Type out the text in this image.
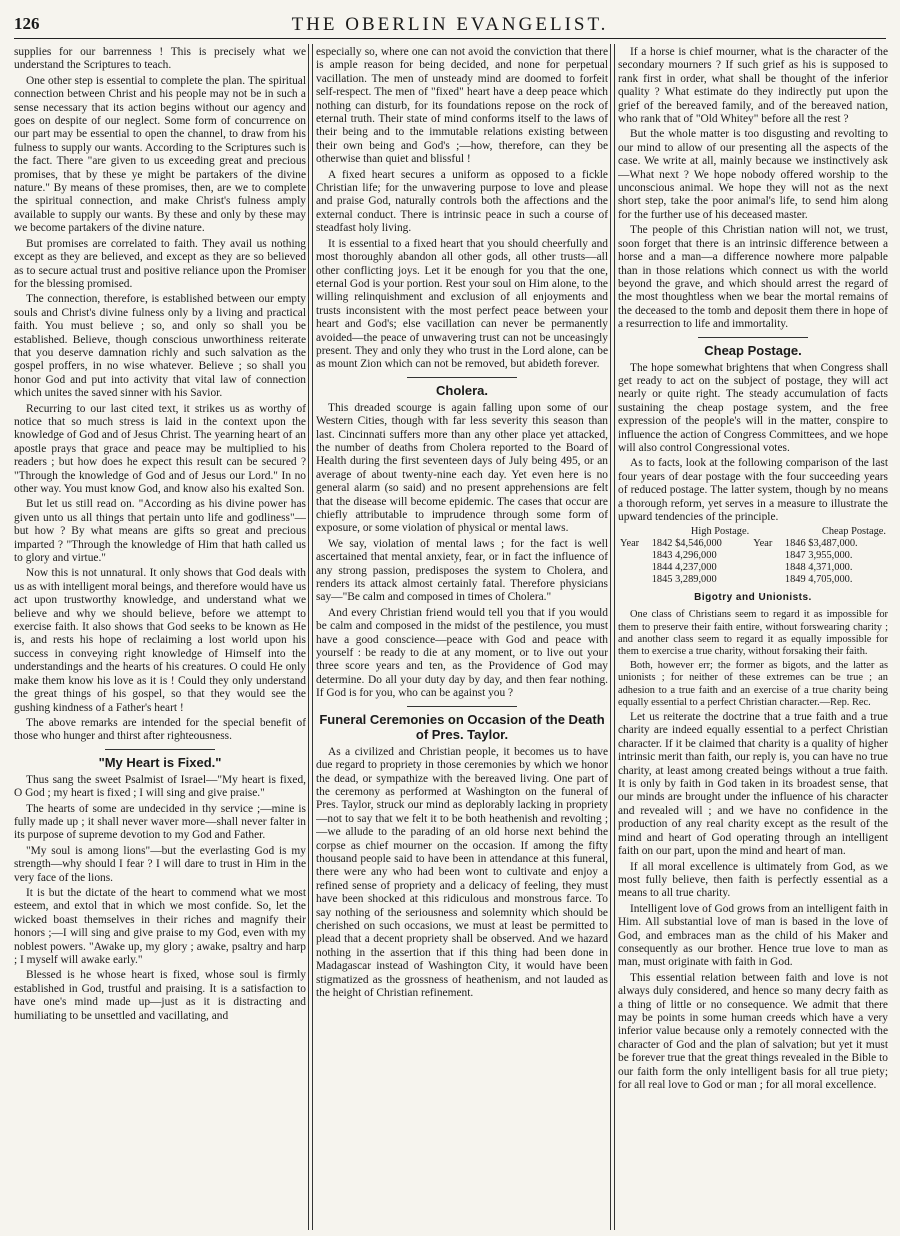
126	THE OBERLIN EVANGELIST.

supplies for our barrenness ! This is precisely what we understand the Scriptures to teach.

One other step is essential to complete the plan. The spiritual connection between Christ and his people may not be in such a sense necessary that its action begins without our agency and goes on despite of our neglect. Some form of concurrence on our part may be essential to open the channel, to draw from his fulness to supply our wants. According to the Scriptures such is the fact. There "are given to us exceeding great and precious promises, that by these ye might be partakers of the divine nature." By means of these promises, then, are we to complete the spiritual connection, and make Christ's fulness amply available to supply our wants. By these and only by these may we become partakers of the divine nature.

But promises are correlated to faith. They avail us nothing except as they are believed, and except as they are so believed as to secure actual trust and positive reliance upon the Promiser for the blessing promised.

The connection, therefore, is established between our empty souls and Christ's divine fulness only by a living and practical faith. You must believe ; so, and only so shall you be established. Believe, though conscious unworthiness reiterate that you deserve damnation richly and such salvation as the gospel proffers, in no wise whatever. Believe ; so shall you honor God and put into activity that vital law of connection which unites the saved sinner with his Savior.

Recurring to our last cited text, it strikes us as worthy of notice that so much stress is laid in the context upon the knowledge of God and of Jesus Christ. The yearning heart of an apostle prays that grace and peace may be multiplied to his readers ; but how does he expect this result can be secured ? "Through the knowledge of God and of Jesus our Lord." In no other way. You must know God, and know also his exalted Son.

But let us still read on. "According as his divine power has given unto us all things that pertain unto life and godliness"—but how ? By what means are gifts so great and precious imparted ? "Through the knowledge of Him that hath called us to glory and virtue."

Now this is not unnatural. It only shows that God deals with us as with intelligent moral beings, and therefore would have us act upon trustworthy knowledge, and understand what we believe and why we should believe, before we attempt to exercise faith. It also shows that God seeks to be known as He is, and rests his hope of reclaiming a lost world upon his success in conveying right knowledge of Himself into the understandings and the hearts of his creatures. O could He only make them know his love as it is ! Could they only understand the great things of his gospel, so that they would see the gushing kindness of a Father's heart !

The above remarks are intended for the special benefit of those who hunger and thirst after righteousness.

"My Heart is Fixed."

Thus sang the sweet Psalmist of Israel—"My heart is fixed, O God ; my heart is fixed ; I will sing and give praise."

The hearts of some are undecided in thy service ;—mine is fully made up ; it shall never waver more—shall never falter in its purpose of supreme devotion to my God and Father.

"My soul is among lions"—but the everlasting God is my strength—why should I fear ? I will dare to trust in Him in the very face of the lions.

It is but the dictate of the heart to commend what we most esteem, and extol that in which we most confide. So, let the wicked boast themselves in their riches and magnify their honors ;—I will sing and give praise to my God, even with my noblest powers. "Awake up, my glory ; awake, psaltry and harp ; I myself will awake early."

Blessed is he whose heart is fixed, whose soul is firmly established in God, trustful and praising. It is a satisfaction to have one's mind made up—just as it is distracting and humiliating to be unsettled and vacillating, and

especially so, where one can not avoid the conviction that there is ample reason for being decided, and none for perpetual vacillation. The men of unsteady mind are doomed to forfeit self-respect. The men of "fixed" heart have a deep peace which nothing can disturb, for its foundations repose on the rock of eternal truth. Their state of mind conforms itself to the laws of their being and to the immutable relations existing between their own being and God's ;—how, therefore, can they be otherwise than quiet and blissful !

A fixed heart secures a uniform as opposed to a fickle Christian life; for the unwavering purpose to love and please and praise God, naturally controls both the affections and the external conduct. There is intrinsic peace in such a course of steadfast holy living.

It is essential to a fixed heart that you should cheerfully and most thoroughly abandon all other gods, all other trusts—all other conflicting joys. Let it be enough for you that the one, eternal God is your portion. Rest your soul on Him alone, to the willing relinquishment and exclusion of all enjoyments and trusts inconsistent with the most perfect peace between your heart and God's; else vacillation can never be permanently avoided—the peace of unwavering trust can not be unceasingly present. They and only they who trust in the Lord alone, can be as mount Zion which can not be removed, but abideth forever.

Cholera.

This dreaded scourge is again falling upon some of our Western Cities, though with far less severity this season than last. Cincinnati suffers more than any other place yet attacked, the number of deaths from Cholera reported to the Board of Health during the first seventeen days of July being 495, or an average of about twenty-nine each day. Yet even here is no general alarm (so said) and no present apprehensions are felt that the disease will become epidemic. The cases that occur are chiefly attributable to imprudence through some form of exposure, or some violation of physical or mental laws.

We say, violation of mental laws ; for the fact is well ascertained that mental anxiety, fear, or in fact the influence of any strong passion, predisposes the system to Cholera, and renders its attack almost certainly fatal. Therefore physicians say—"Be calm and composed in times of Cholera."

And every Christian friend would tell you that if you would be calm and composed in the midst of the pestilence, you must have a good conscience—peace with God and peace with yourself : be ready to die at any moment, or to live out your three score years and ten, as the Providence of God may determine. Do all your duty day by day, and then fear nothing. If God is for you, who can be against you ?

Funeral Ceremonies on Occasion of the Death of Pres. Taylor.

As a civilized and Christian people, it becomes us to have due regard to propriety in those ceremonies by which we honor the dead, or sympathize with the bereaved living. One part of the ceremony as performed at Washington on the funeral of Pres. Taylor, struck our mind as deplorably lacking in propriety—not to say that we felt it to be both heathenish and revolting ;—we allude to the parading of an old horse next behind the corpse as chief mourner on the occasion. If among the fifty thousand people said to have been in attendance at this funeral, there were any who had been wont to cultivate and enjoy a refined sense of propriety and a delicacy of feeling, they must have been shocked at this ridiculous and monstrous farce. To say nothing of the seriousness and solemnity which should be cherished on such occasions, we must at least be permitted to plead that a decent propriety shall be observed. And we hazard nothing in the assertion that if this thing had been done in Madagascar instead of Washington City, it would have been stigmatized as the grossness of heathenism, and not lauded as the height of Christian refinement.

If a horse is chief mourner, what is the character of the secondary mourners ? If such grief as his is supposed to rank first in order, what shall be thought of the inferior quality ? What estimate do they indirectly put upon the grief of the bereaved family, and of the bereaved nation, who rank that of "Old Whitey" before all the rest ?

But the whole matter is too disgusting and revolting to our mind to allow of our presenting all the aspects of the case. We write at all, mainly because we instinctively ask—What next ? We hope nobody offered worship to the unconscious animal. We hope they will not as the next short step, take the poor animal's life, to send him along for the further use of his deceased master.

The people of this Christian nation will not, we trust, soon forget that there is an intrinsic difference between a horse and a man—a difference nowhere more palpable than in those relations which connect us with the world beyond the grave, and which should arrest the regard of the most thoughtless when we bear the mortal remains of the deceased to the tomb and deposit them there in hope of a resurrection to life and immortality.

Cheap Postage.

The hope somewhat brightens that when Congress shall get ready to act on the subject of postage, they will act nearly or quite right. The steady accumulation of facts sustaining the cheap postage system, and the free expression of the people's will in the matter, conspire to influence the action of Congress Committees, and we hope will also control Congressional votes.

As to facts, look at the following comparison of the last four years of dear postage with the four succeeding years of reduced postage. The latter system, though by no means a thorough reform, yet serves in a measure to illustrate the upward tendencies of the principle.

	High Postage.		Cheap Postage.
Year	1842 $4,546,000	Year	1846 $3,487,000.
	1843 4,296,000		1847 3,955,000.
	1844 4,237,000		1848 4,371,000.
	1845 3,289,000		1849 4,705,000.
Bigotry and Unionists.

One class of Christians seem to regard it as impossible for them to preserve their faith entire, without forswearing charity ; and another class seem to regard it as equally impossible for them to exercise a true charity, without forsaking their faith.

Both, however err; the former as bigots, and the latter as unionists ; for neither of these extremes can be true ; an adhesion to a true faith and an exercise of a true charity being equally essential to a perfect Christian character.—Rep. Rec.

Let us reiterate the doctrine that a true faith and a true charity are indeed equally essential to a perfect Christian character. If it be claimed that charity is a quality of higher intrinsic merit than faith, our reply is, you can have no true charity, at least among created beings without a true faith. It is only by faith in God taken in its broadest sense, that our minds are brought under the influence of his character and revealed will ; and we have no confidence in the production of any real charity except as the result of the mind and heart of God operating through an intelligent faith on our part, upon the mind and heart of man.

If all moral excellence is ultimately from God, as we most fully believe, then faith is perfectly essential as a means to all true charity.

Intelligent love of God grows from an intelligent faith in Him. All substantial love of man is based in the love of God, and embraces man as the child of his Maker and consequently as our brother. Hence true love to man as man, must originate with faith in God.

This essential relation between faith and love is not always duly considered, and hence so many decry faith as a thing of little or no consequence. We admit that there may be points in some human creeds which have a very inferior value because only a remotely connected with the character of God and the plan of salvation; but yet it must be forever true that the great things revealed in the Bible to our faith form the only intelligent basis for all true piety; for all real love to God or man ; for all moral excellence.
